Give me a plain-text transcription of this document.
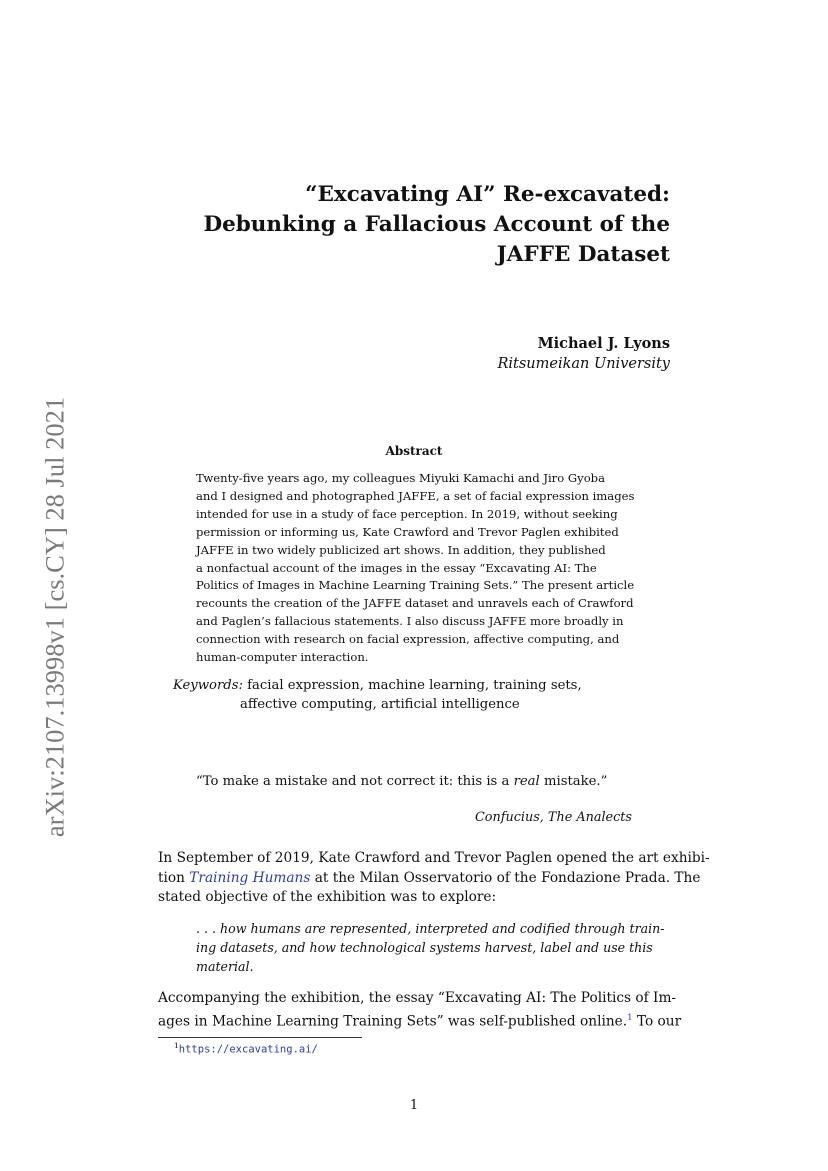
arXiv:2107.13998v1 [cs.CY] 28 Jul 2021
“Excavating AI” Re-excavated:
Debunking a Fallacious Account of the
JAFFE Dataset
Michael J. Lyons
Ritsumeikan University
Abstract
Twenty-five years ago, my colleagues Miyuki Kamachi and Jiro Gyoba
and I designed and photographed JAFFE, a set of facial expression images
intended for use in a study of face perception. In 2019, without seeking
permission or informing us, Kate Crawford and Trevor Paglen exhibited
JAFFE in two widely publicized art shows. In addition, they published
a nonfactual account of the images in the essay “Excavating AI: The
Politics of Images in Machine Learning Training Sets.” The present article
recounts the creation of the JAFFE dataset and unravels each of Crawford
and Paglen’s fallacious statements. I also discuss JAFFE more broadly in
connection with research on facial expression, affective computing, and
human-computer interaction.
Keywords: facial expression, machine learning, training sets,
affective computing, artificial intelligence
“To make a mistake and not correct it: this is a real mistake.”
Confucius, The Analects
In September of 2019, Kate Crawford and Trevor Paglen opened the art exhibi-
tion Training Humans at the Milan Osservatorio of the Fondazione Prada. The
stated objective of the exhibition was to explore:
. . . how humans are represented, interpreted and codified through train-
ing datasets, and how technological systems harvest, label and use this
material.
Accompanying the exhibition, the essay “Excavating AI: The Politics of Im-
ages in Machine Learning Training Sets” was self-published online.$^1$ To our
$^1$https://excavating.ai/
1
